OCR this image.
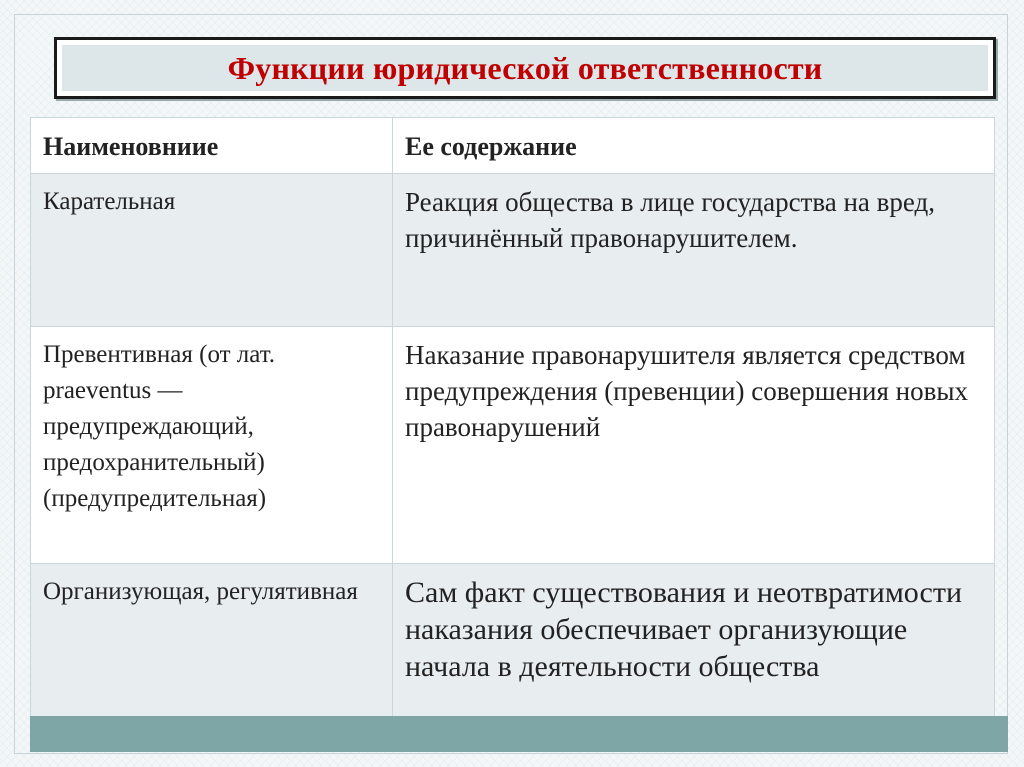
Функции юридической ответственности
Наименовниие	Ее содержание
Карательная	Реакция общества в лице государства на вред, причинённый правонарушителем.
Превентивная (от лат. praeventus — предупреждающий, предохранительный) (предупредительная)	Наказание правонарушителя является средством предупреждения (превенции) совершения новых правонарушений
Организующая, регулятивная	Сам факт существования и неотвратимости наказания обеспечивает организующие начала в деятельности общества
